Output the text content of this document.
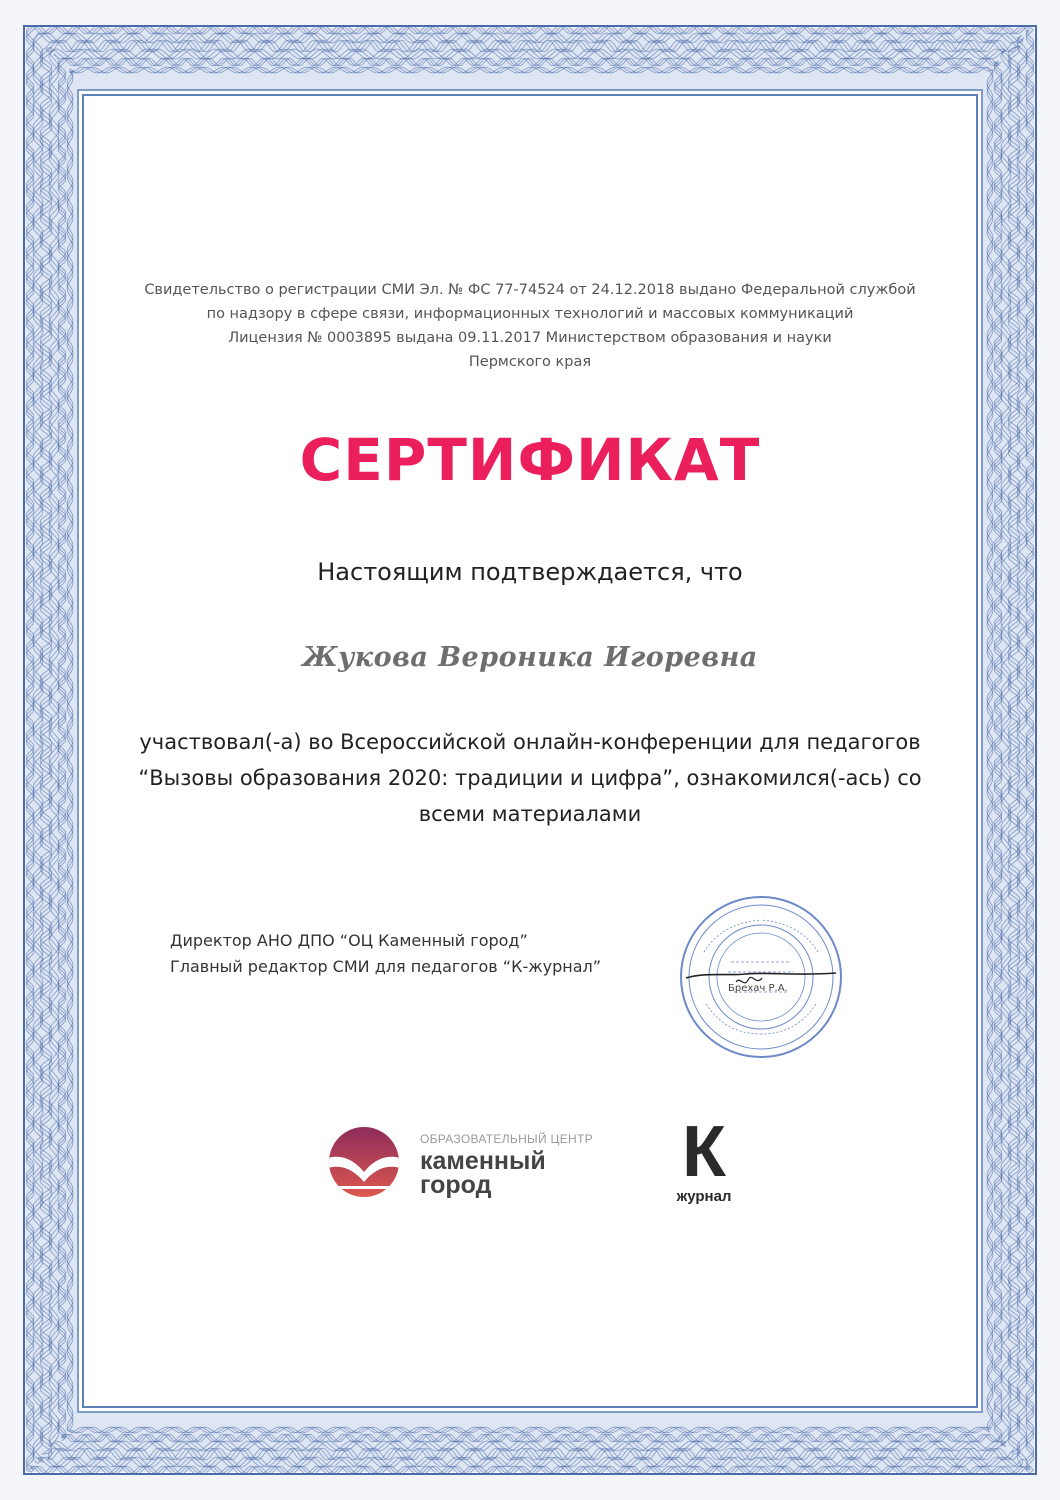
Свидетельство о регистрации СМИ Эл. № ФС 77-74524 от 24.12.2018 выдано Федеральной службой
по надзору в сфере связи, информационных технологий и массовых коммуникаций
Лицензия № 0003895 выдана 09.11.2017 Министерством образования и науки
Пермского края
СЕРТИФИКАТ
Настоящим подтверждается, что
Жукова Вероника Игоревна
участвовал(-а) во Всероссийской онлайн-конференции для педагогов
“Вызовы образования 2020: традиции и цифра”, ознакомился(-ась) со
всеми материалами
Директор АНО ДПО “ОЦ Каменный город”
Главный редактор СМИ для педагогов “К-журнал”
Брехач Р.А.
ОБРАЗОВАТЕЛЬНЫЙ ЦЕНТР
каменный
город	К
журнал
